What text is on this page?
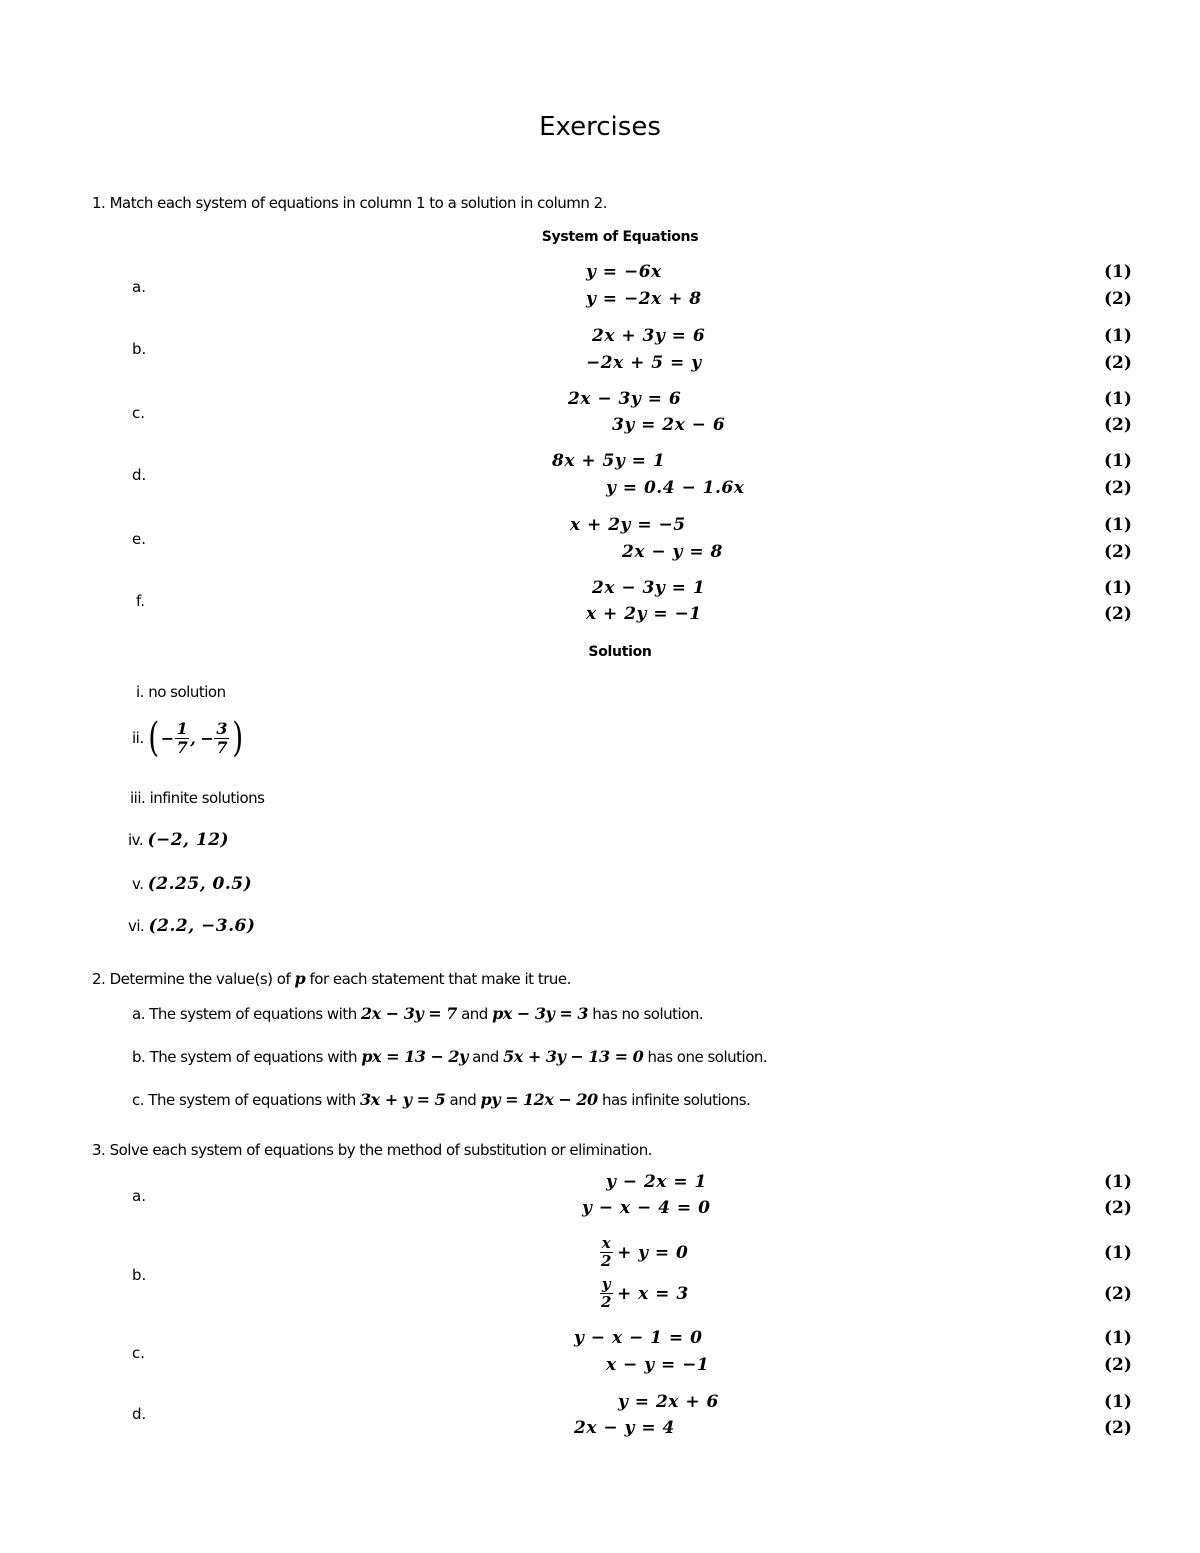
Exercises
1. Match each system of equations in column 1 to a solution in column 2.
System of Equations
a.
y = −6x
y = −2x + 8
(1)
(2)
b.
2x + 3y = 6
−2x + 5 = y
(1)
(2)
c.
2x − 3y = 6
3y = 2x − 6
(1)
(2)
d.
8x + 5y = 1
y = 0.4 − 1.6x
(1)
(2)
e.
x + 2y = −5
2x − y = 8
(1)
(2)
f.
2x − 3y = 1
x + 2y = −1
(1)
(2)
Solution
i. no solution
ii. ( − $\frac{1}{7}$ , − $\frac{3}{7}$ )
iii. infinite solutions
iv. (−2, 12)
v. (2.25, 0.5)
vi. (2.2, −3.6)
2. Determine the value(s) of p for each statement that make it true.
a. The system of equations with 2x − 3y = 7 and px − 3y = 3 has no solution.
b. The system of equations with px = 13 − 2y and 5x + 3y − 13 = 0 has one solution.
c. The system of equations with 3x + y = 5 and py = 12x − 20 has infinite solutions.
3. Solve each system of equations by the method of substitution or elimination.
a.
y − 2x = 1
y − x − 4 = 0
(1)
(2)
b.
$\frac{x}{2} + y = 0$
$\frac{y}{2} + x = 3$
(1)
(2)
c.
y − x − 1 = 0
x − y = −1
(1)
(2)
d.
y = 2x + 6
2x − y = 4
(1)
(2)
